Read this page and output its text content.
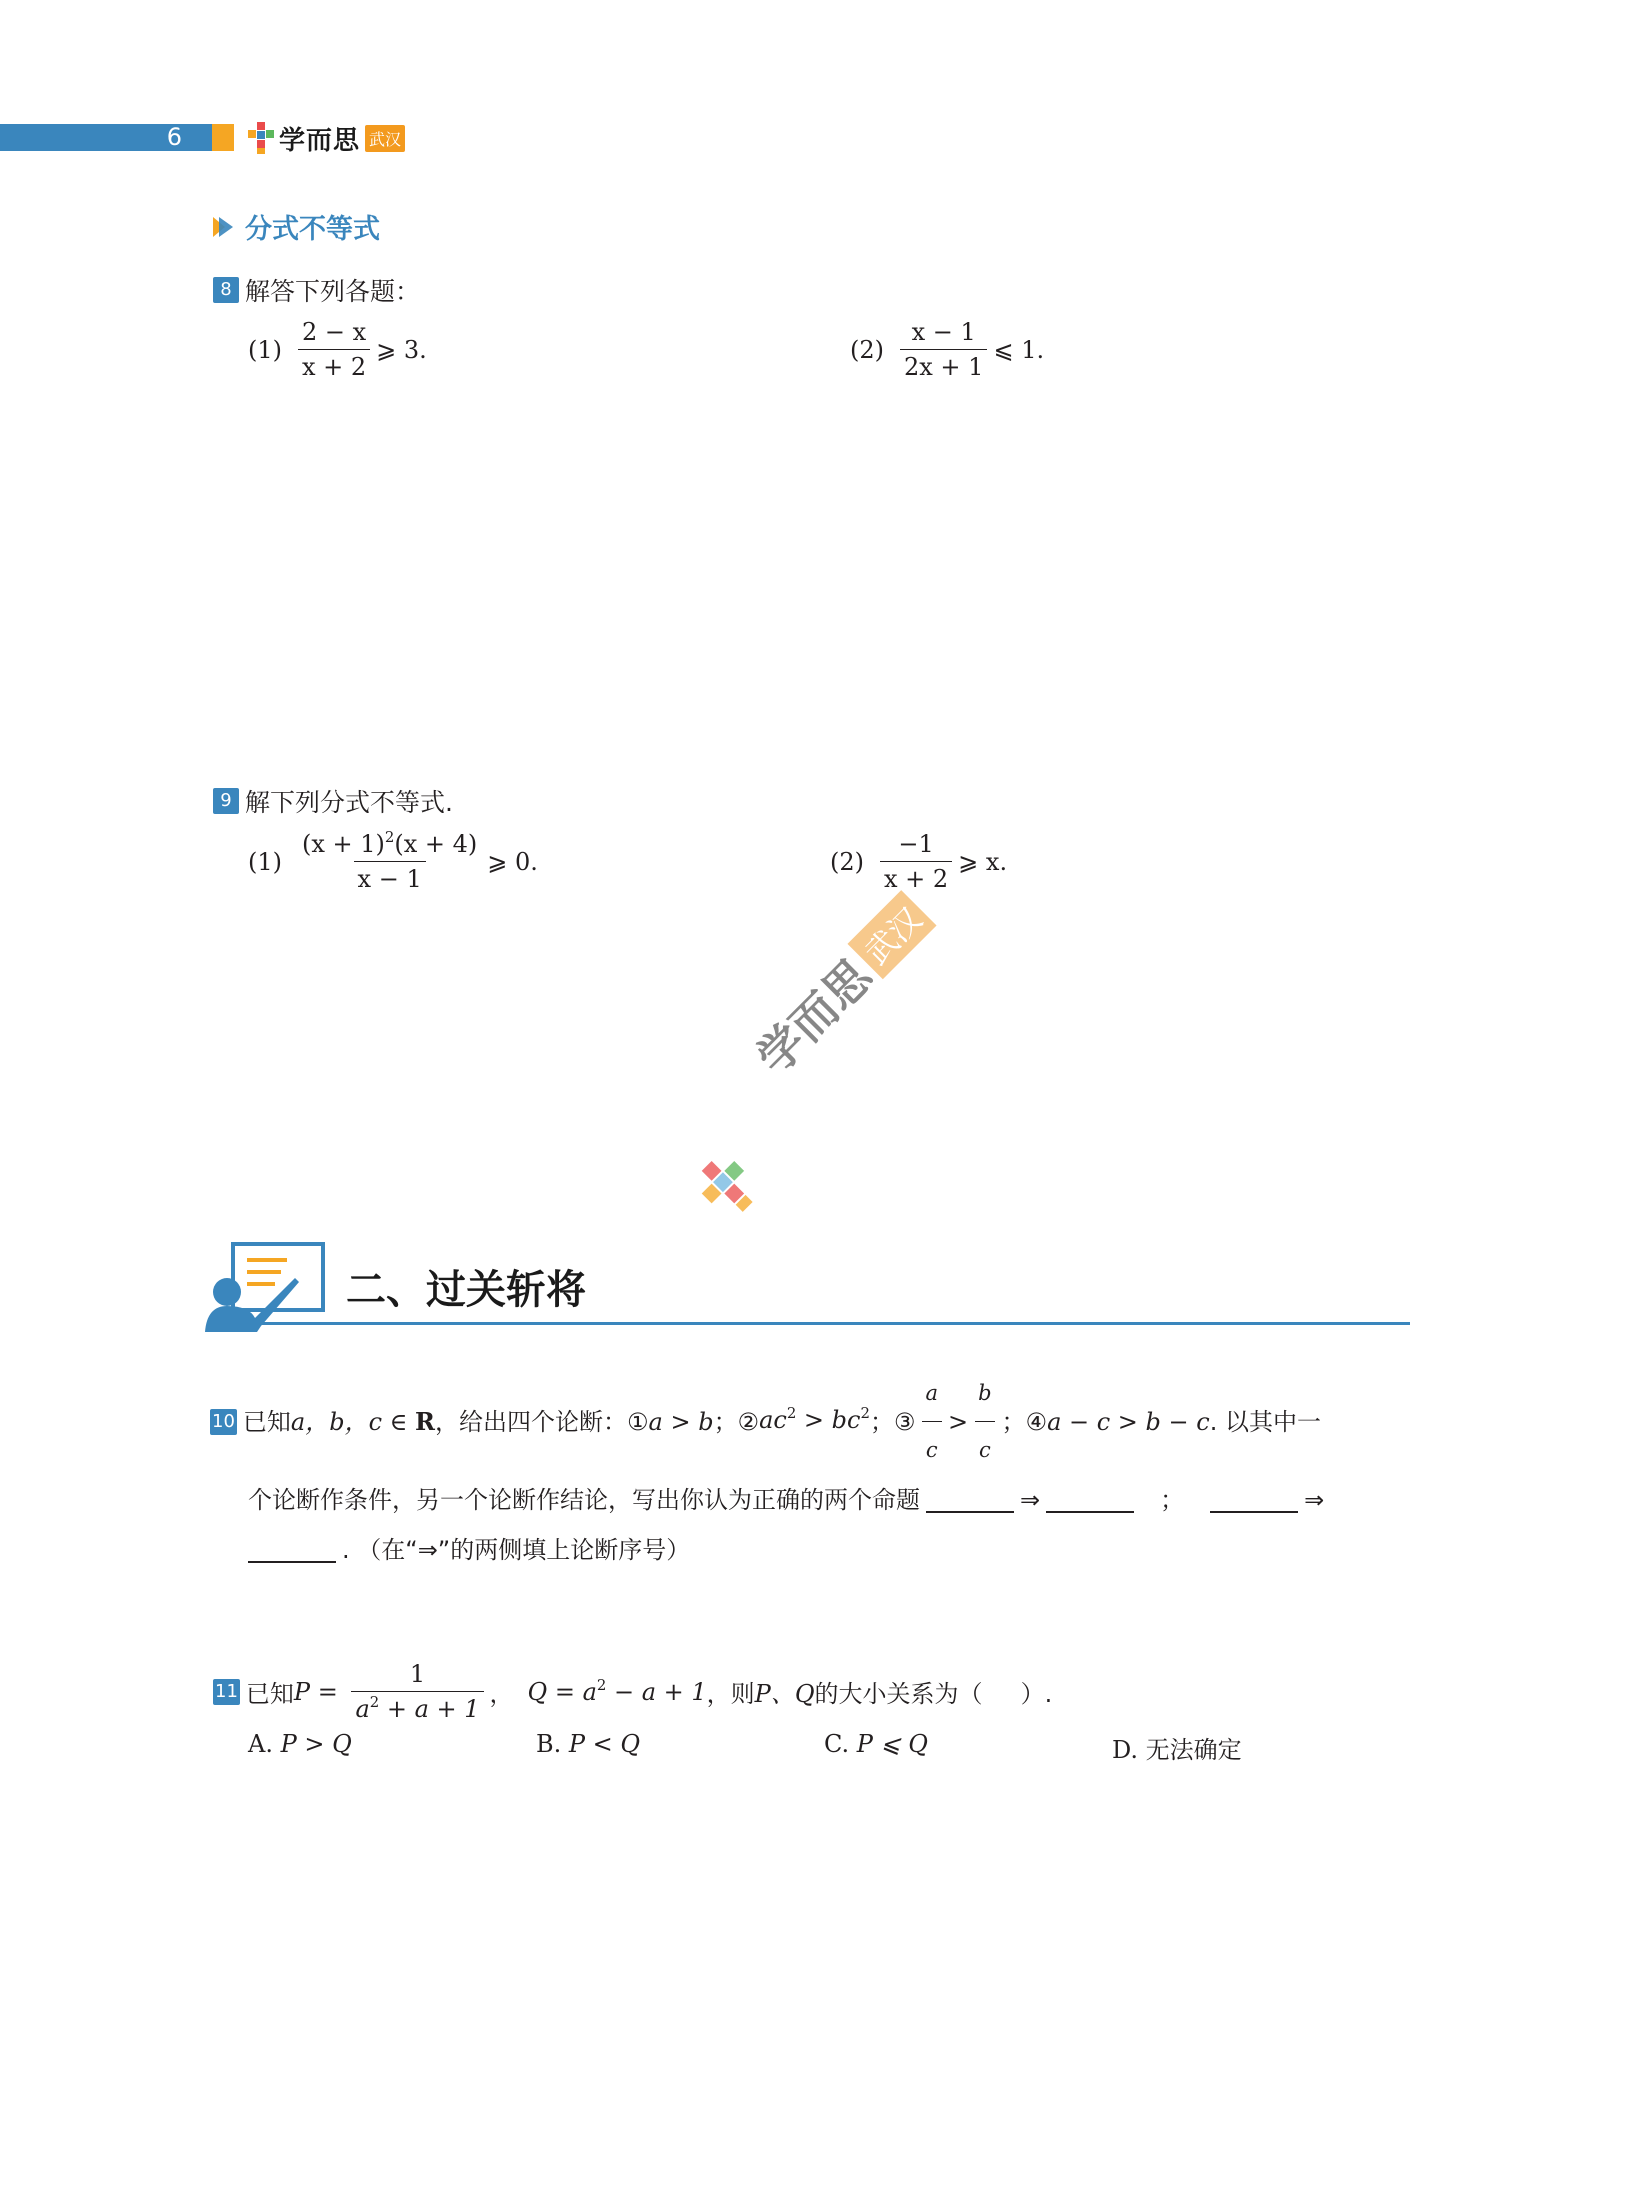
6	学而思 武汉
分式不等式
8 解答下列各题：
$(1) \frac{2 - x}{x + 2}$ ⩾ 3.	$(2) \frac{x - 1}{2x + 1}$ ⩽ 1.
9 解下列分式不等式.
$(1) \frac{(x + 1)^2(x + 4)}{x - 1}$ ⩾ 0.	$(2) \frac{-1}{x + 2}$ ⩾ x.
学而思
武汉
二、过关斩将
10 已知 a，b，c ∈ R ，给出四个论断：① a > b ；② $ac^2 > bc^2$ ；③ $\frac{a}{c} > \frac{b}{c}$ ；④ a − c > b − c . 以其中一
个论断作条件，另一个论断作结论，写出你认为正确的两个命题	⇒	；	⇒
. （在“⇒”的两侧填上论断序号）
11 已知 $P = \frac{1}{a^2 + a + 1}$ ， $Q = a^2 - a + 1$ ，则 P、Q 的大小关系为（     ）.
A. P > Q	B. P < Q	C. P ⩽ Q	D. 无法确定
